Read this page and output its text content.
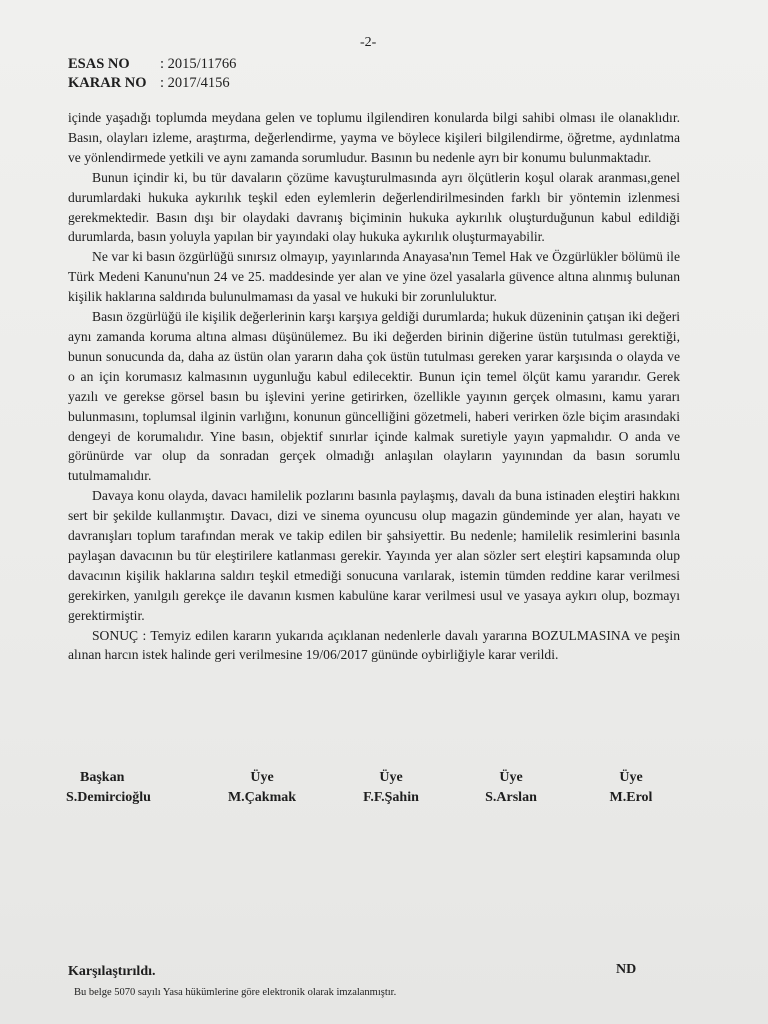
-2-
ESAS NO	: 2015/11766
KARAR NO : 2017/4156

içinde yaşadığı toplumda meydana gelen ve toplumu ilgilendiren konularda bilgi sahibi olması ile olanaklıdır. Basın, olayları izleme, araştırma, değerlendirme, yayma ve böylece kişileri bilgilendirme, öğretme, aydınlatma ve yönlendirmede yetkili ve aynı zamanda sorumludur. Basının bu nedenle ayrı bir konumu bulunmaktadır.

Bunun içindir ki, bu tür davaların çözüme kavuşturulmasında ayrı ölçütlerin koşul olarak aranması,genel durumlardaki hukuka aykırılık teşkil eden eylemlerin değerlendirilmesinden farklı bir yöntemin izlenmesi gerekmektedir. Basın dışı bir olaydaki davranış biçiminin hukuka aykırılık oluşturduğunun kabul edildiği durumlarda, basın yoluyla yapılan bir yayındaki olay hukuka aykırılık oluşturmayabilir.

Ne var ki basın özgürlüğü sınırsız olmayıp, yayınlarında Anayasa'nın Temel Hak ve Özgürlükler bölümü ile Türk Medeni Kanunu'nun 24 ve 25. maddesinde yer alan ve yine özel yasalarla güvence altına alınmış bulunan kişilik haklarına saldırıda bulunulmaması da yasal ve hukuki bir zorunluluktur.

Basın özgürlüğü ile kişilik değerlerinin karşı karşıya geldiği durumlarda; hukuk düzeninin çatışan iki değeri aynı zamanda koruma altına alması düşünülemez. Bu iki değerden birinin diğerine üstün tutulması gerektiği, bunun sonucunda da, daha az üstün olan yararın daha çok üstün tutulması gereken yarar karşısında o olayda ve o an için korumasız kalmasının uygunluğu kabul edilecektir. Bunun için temel ölçüt kamu yararıdır. Gerek yazılı ve gerekse görsel basın bu işlevini yerine getirirken, özellikle yayının gerçek olmasını, kamu yararı bulunmasını, toplumsal ilginin varlığını, konunun güncelliğini gözetmeli, haberi verirken özle biçim arasındaki dengeyi de korumalıdır. Yine basın, objektif sınırlar içinde kalmak suretiyle yayın yapmalıdır. O anda ve görünürde var olup da sonradan gerçek olmadığı anlaşılan olayların yayınından da basın sorumlu tutulmamalıdır.

Davaya konu olayda, davacı hamilelik pozlarını basınla paylaşmış, davalı da buna istinaden eleştiri hakkını sert bir şekilde kullanmıştır. Davacı, dizi ve sinema oyuncusu olup magazin gündeminde yer alan, hayatı ve davranışları toplum tarafından merak ve takip edilen bir şahsiyettir. Bu nedenle; hamilelik resimlerini basınla paylaşan davacının bu tür eleştirilere katlanması gerekir. Yayında yer alan sözler sert eleştiri kapsamında olup davacının kişilik haklarına saldırı teşkil etmediği sonucuna varılarak, istemin tümden reddine karar verilmesi gerekirken, yanılgılı gerekçe ile davanın kısmen kabulüne karar verilmesi usul ve yasaya aykırı olup, bozmayı gerektirmiştir.

SONUÇ : Temyiz edilen kararın yukarıda açıklanan nedenlerle davalı yararına BOZULMASINA ve peşin alınan harcın istek halinde geri verilmesine 19/06/2017 gününde oybirliğiyle karar verildi.

Başkan
S.Demircioğlu
Üye
M.Çakmak
Üye
F.F.Şahin
Üye
S.Arslan
Üye
M.Erol
Karşılaştırıldı.	ND
Bu belge 5070 sayılı Yasa hükümlerine göre elektronik olarak imzalanmıştır.
